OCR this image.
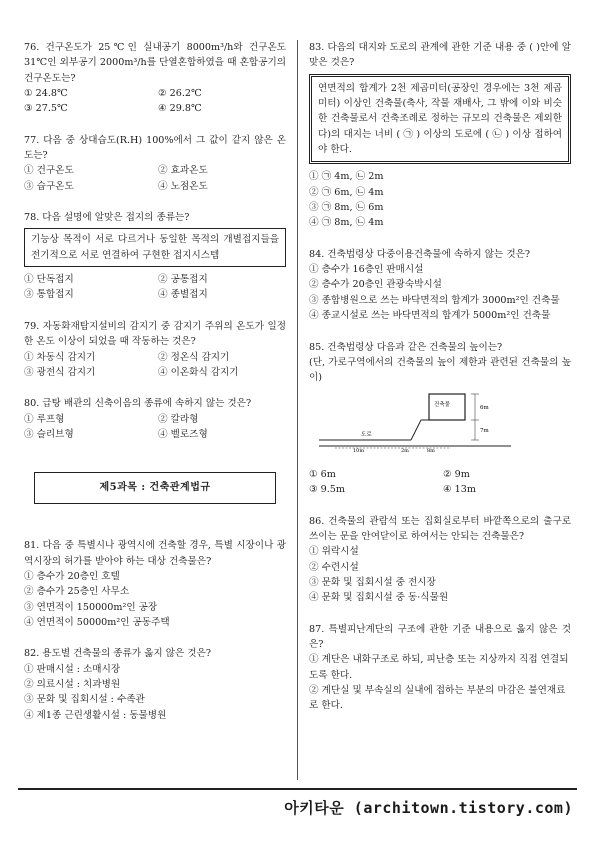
76. 건구온도가 25℃인 실내공기 8000m³/h와 건구온도 31℃인 외부공기 2000m³/h를 단열혼합하였을 때 혼합공기의 건구온도는?
① 24.8℃	② 26.2℃
③ 27.5℃	④ 29.8℃
77. 다음 중 상대습도(R.H) 100%에서 그 값이 같지 않은 온도는?
① 건구온도	② 효과온도
③ 습구온도	④ 노점온도
78. 다음 설명에 알맞은 접지의 종류는?
기능상 목적이 서로 다르거나 동일한 목적의 개별접지들을 전기적으로 서로 연결하여 구현한 접지시스템
① 단독접지	② 공통접지
③ 통합접지	④ 종별접지
79. 자동화재탐지설비의 감지기 중 감지기 주위의 온도가 일정한 온도 이상이 되었을 때 작동하는 것은?
① 차동식 감지기	② 정온식 감지기
③ 광전식 감지기	④ 이온화식 감지기
80. 급탕 배관의 신축이음의 종류에 속하지 않는 것은?
① 루프형	② 칼라형
③ 슬리브형	④ 벨로즈형
제5과목 : 건축관계법규
81. 다음 중 특별시나 광역시에 건축할 경우, 특별 시장이나 광역시장의 허가를 받아야 하는 대상 건축물은?
① 층수가 20층인 호텔
② 층수가 25층인 사무소
③ 연면적이 150000m²인 공장
④ 연면적이 50000m²인 공동주택
82. 용도별 건축물의 종류가 옳지 않은 것은?
① 판매시설 : 소매시장
② 의료시설 : 치과병원
③ 문화 및 집회시설 : 수족관
④ 제1종 근린생활시설 : 동물병원
83. 다음의 대지와 도로의 관계에 관한 기준 내용 중 ( )안에 알맞은 것은?
연면적의 합계가 2천 제곱미터(공장인 경우에는 3천 제곱미터) 이상인 건축물(축사, 작물 재배사, 그 밖에 이와 비슷한 건축물로서 건축조례로 정하는 규모의 건축물은 제외한다)의 대지는 너비 ( ㉠ ) 이상의 도로에 ( ㉡ ) 이상 접하여야 한다.
① ㉠ 4m, ㉡ 2m
② ㉠ 6m, ㉡ 4m
③ ㉠ 8m, ㉡ 6m
④ ㉠ 8m, ㉡ 4m
84. 건축법령상 다중이용건축물에 속하지 않는 것은?
① 층수가 16층인 판매시설
② 층수가 20층인 관광숙박시설
③ 종합병원으로 쓰는 바닥면적의 합계가 3000m²인 건축물
④ 종교시설로 쓰는 바닥면적의 합계가 5000m²인 건축물
85. 건축법령상 다음과 같은 건축물의 높이는?
(단, 가로구역에서의 건축물의 높이 제한과 관련된 건축물의 높이)
건축물	6m
7m
도로
10m	2m	8m
① 6m	② 9m
③ 9.5m	④ 13m
86. 건축물의 관람석 또는 집회실로부터 바깥쪽으로의 출구로 쓰이는 문을 안여닫이로 하여서는 안되는 건축물은?
① 위락시설
② 수련시설
③ 문화 및 집회시설 중 전시장
④ 문화 및 집회시설 중 동·식물원
87. 특별피난계단의 구조에 관한 기준 내용으로 옳지 않은 것은?
① 계단은 내화구조로 하되, 피난층 또는 지상까지 직접 연결되도록 한다.
② 계단실 및 부속실의 실내에 접하는 부분의 마감은 불연재료로 한다.
아키타운 (architown.tistory.com)
